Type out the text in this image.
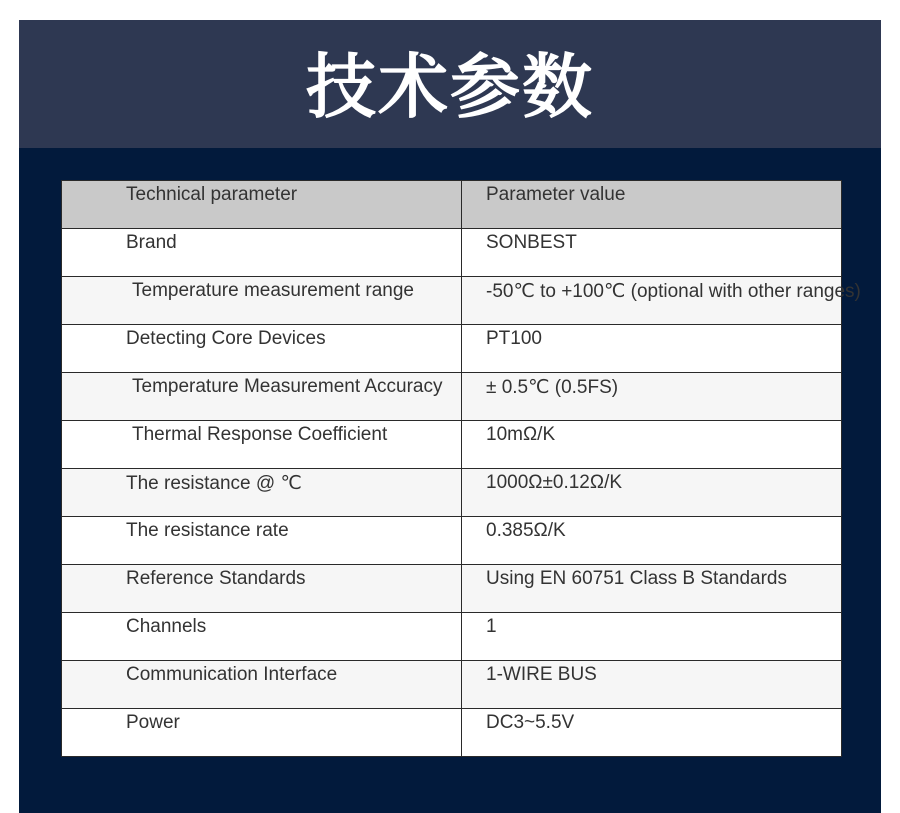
技术参数
Technical parameter	Parameter value

Brand	SONBEST

Temperature measurement range	-50℃ to +100℃ (optional with other ranges)

Detecting Core Devices	PT100

Temperature Measurement Accuracy	± 0.5℃ (0.5FS)

Thermal Response Coefficient	10mΩ/K

The resistance @ ℃	1000Ω±0.12Ω/K

The resistance rate	0.385Ω/K

Reference Standards	Using EN 60751 Class B Standards

Channels	1

Communication Interface	1-WIRE BUS

Power	DC3~5.5V
